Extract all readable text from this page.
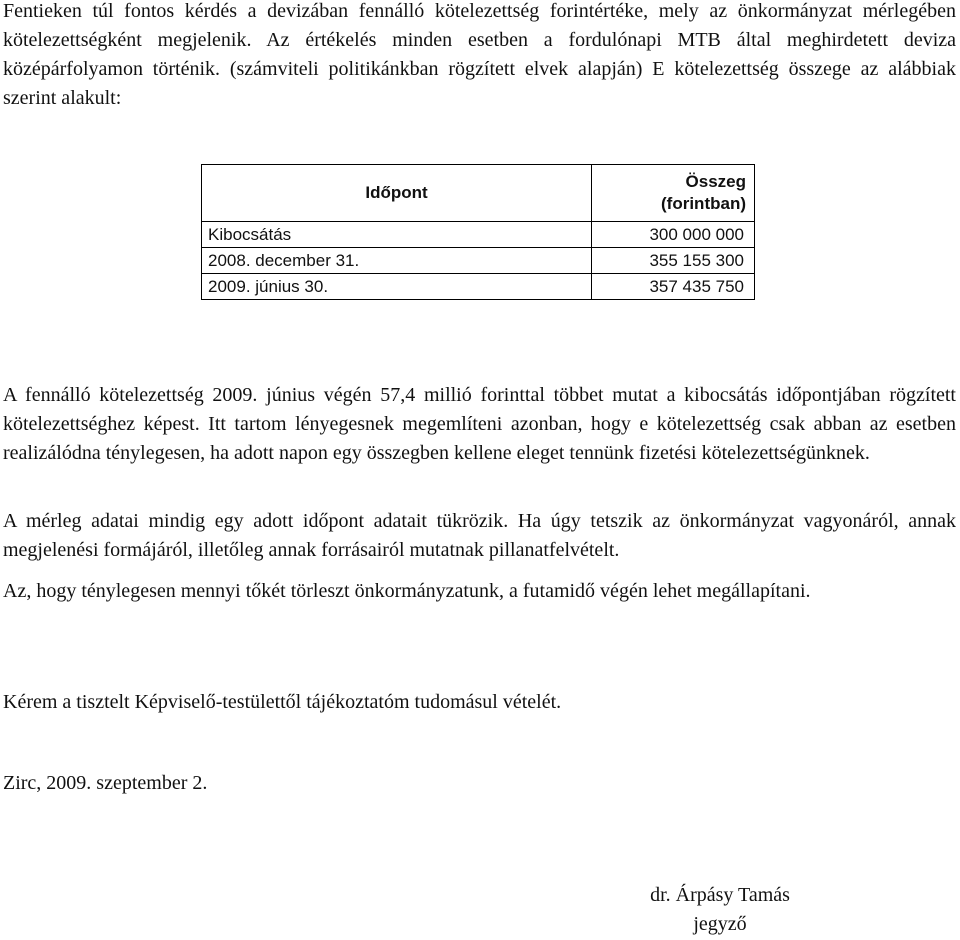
Fentieken túl fontos kérdés a devizában fennálló kötelezettség forintértéke, mely az önkormányzat mérlegében kötelezettségként megjelenik. Az értékelés minden esetben a fordulónapi MTB által meghirdetett deviza középárfolyamon történik. (számviteli politikánkban rögzített elvek alapján) E kötelezettség összege az alábbiak szerint alakult:

Időpont	Összeg
(forintban)
Kibocsátás	300 000 000
2008. december 31.	355 155 300
2009. június 30.	357 435 750

A fennálló kötelezettség 2009. június végén 57,4 millió forinttal többet mutat a kibocsátás időpontjában rögzített kötelezettséghez képest. Itt tartom lényegesnek megemlíteni azonban, hogy e kötelezettség csak abban az esetben realizálódna ténylegesen, ha adott napon egy összegben kellene eleget tennünk fizetési kötelezettségünknek.

A mérleg adatai mindig egy adott időpont adatait tükrözik. Ha úgy tetszik az önkormányzat vagyonáról, annak megjelenési formájáról, illetőleg annak forrásairól mutatnak pillanatfelvételt.

Az, hogy ténylegesen mennyi tőkét törleszt önkormányzatunk, a futamidő végén lehet megállapítani.

Kérem a tisztelt Képviselő-testülettől tájékoztatóm tudomásul vételét.

Zirc, 2009. szeptember 2.

dr. Árpásy Tamás
jegyző
